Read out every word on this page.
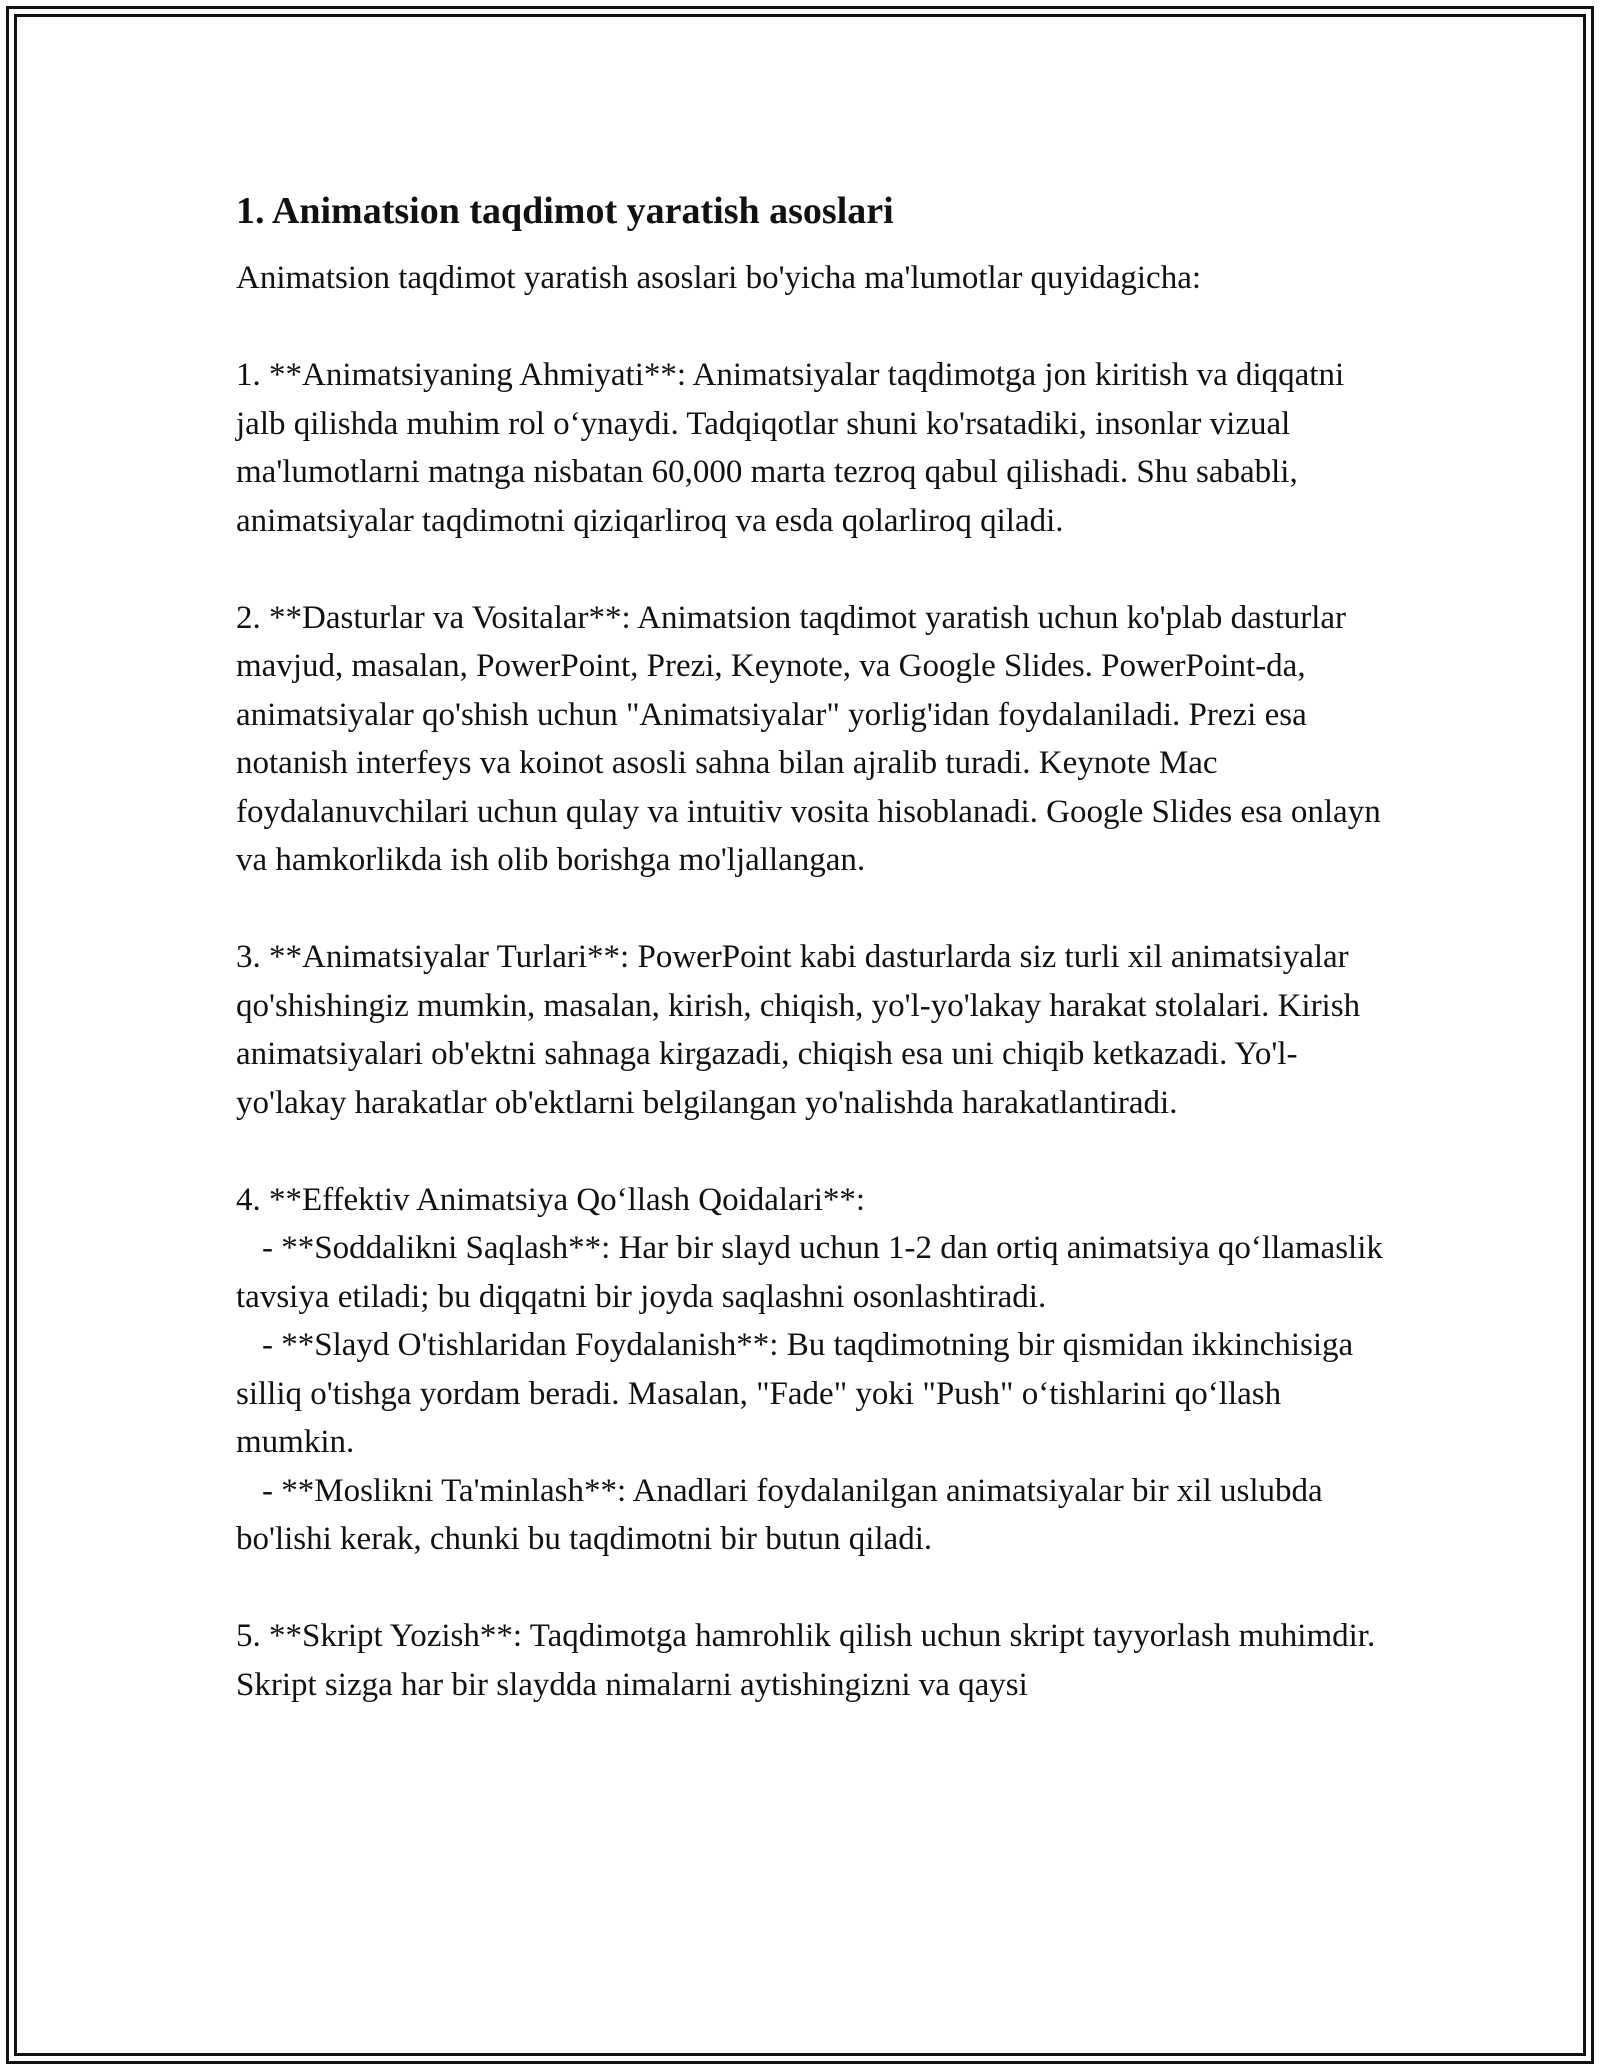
1. Animatsion taqdimot yaratish asoslari

Animatsion taqdimot yaratish asoslari bo'yicha ma'lumotlar quyidagicha:

1. **Animatsiyaning Ahmiyati**: Animatsiyalar taqdimotga jon kiritish va diqqatni jalb qilishda muhim rol o‘ynaydi. Tadqiqotlar shuni ko'rsatadiki, insonlar vizual ma'lumotlarni matnga nisbatan 60,000 marta tezroq qabul qilishadi. Shu sababli, animatsiyalar taqdimotni qiziqarliroq va esda qolarliroq qiladi.

2. **Dasturlar va Vositalar**: Animatsion taqdimot yaratish uchun ko'plab dasturlar mavjud, masalan, PowerPoint, Prezi, Keynote, va Google Slides. PowerPoint-da, animatsiyalar qo'shish uchun "Animatsiyalar" yorlig'idan foydalaniladi. Prezi esa notanish interfeys va koinot asosli sahna bilan ajralib turadi. Keynote Mac foydalanuvchilari uchun qulay va intuitiv vosita hisoblanadi. Google Slides esa onlayn va hamkorlikda ish olib borishga mo'ljallangan.

3. **Animatsiyalar Turlari**: PowerPoint kabi dasturlarda siz turli xil animatsiyalar qo'shishingiz mumkin, masalan, kirish, chiqish, yo'l-yo'lakay harakat stolalari. Kirish animatsiyalari ob'ektni sahnaga kirgazadi, chiqish esa uni chiqib ketkazadi. Yo'l-yo'lakay harakatlar ob'ektlarni belgilangan yo'nalishda harakatlantiradi.

4. **Effektiv Animatsiya Qo‘llash Qoidalari**:

- **Soddalikni Saqlash**: Har bir slayd uchun 1-2 dan ortiq animatsiya qo‘llamaslik tavsiya etiladi; bu diqqatni bir joyda saqlashni osonlashtiradi.

- **Slayd O'tishlaridan Foydalanish**: Bu taqdimotning bir qismidan ikkinchisiga silliq o'tishga yordam beradi. Masalan, "Fade" yoki "Push" o‘tishlarini qo‘llash mumkin.

- **Moslikni Ta'minlash**: Anadlari foydalanilgan animatsiyalar bir xil uslubda bo'lishi kerak, chunki bu taqdimotni bir butun qiladi.

5. **Skript Yozish**: Taqdimotga hamrohlik qilish uchun skript tayyorlash muhimdir. Skript sizga har bir slaydda nimalarni aytishingizni va qaysi
